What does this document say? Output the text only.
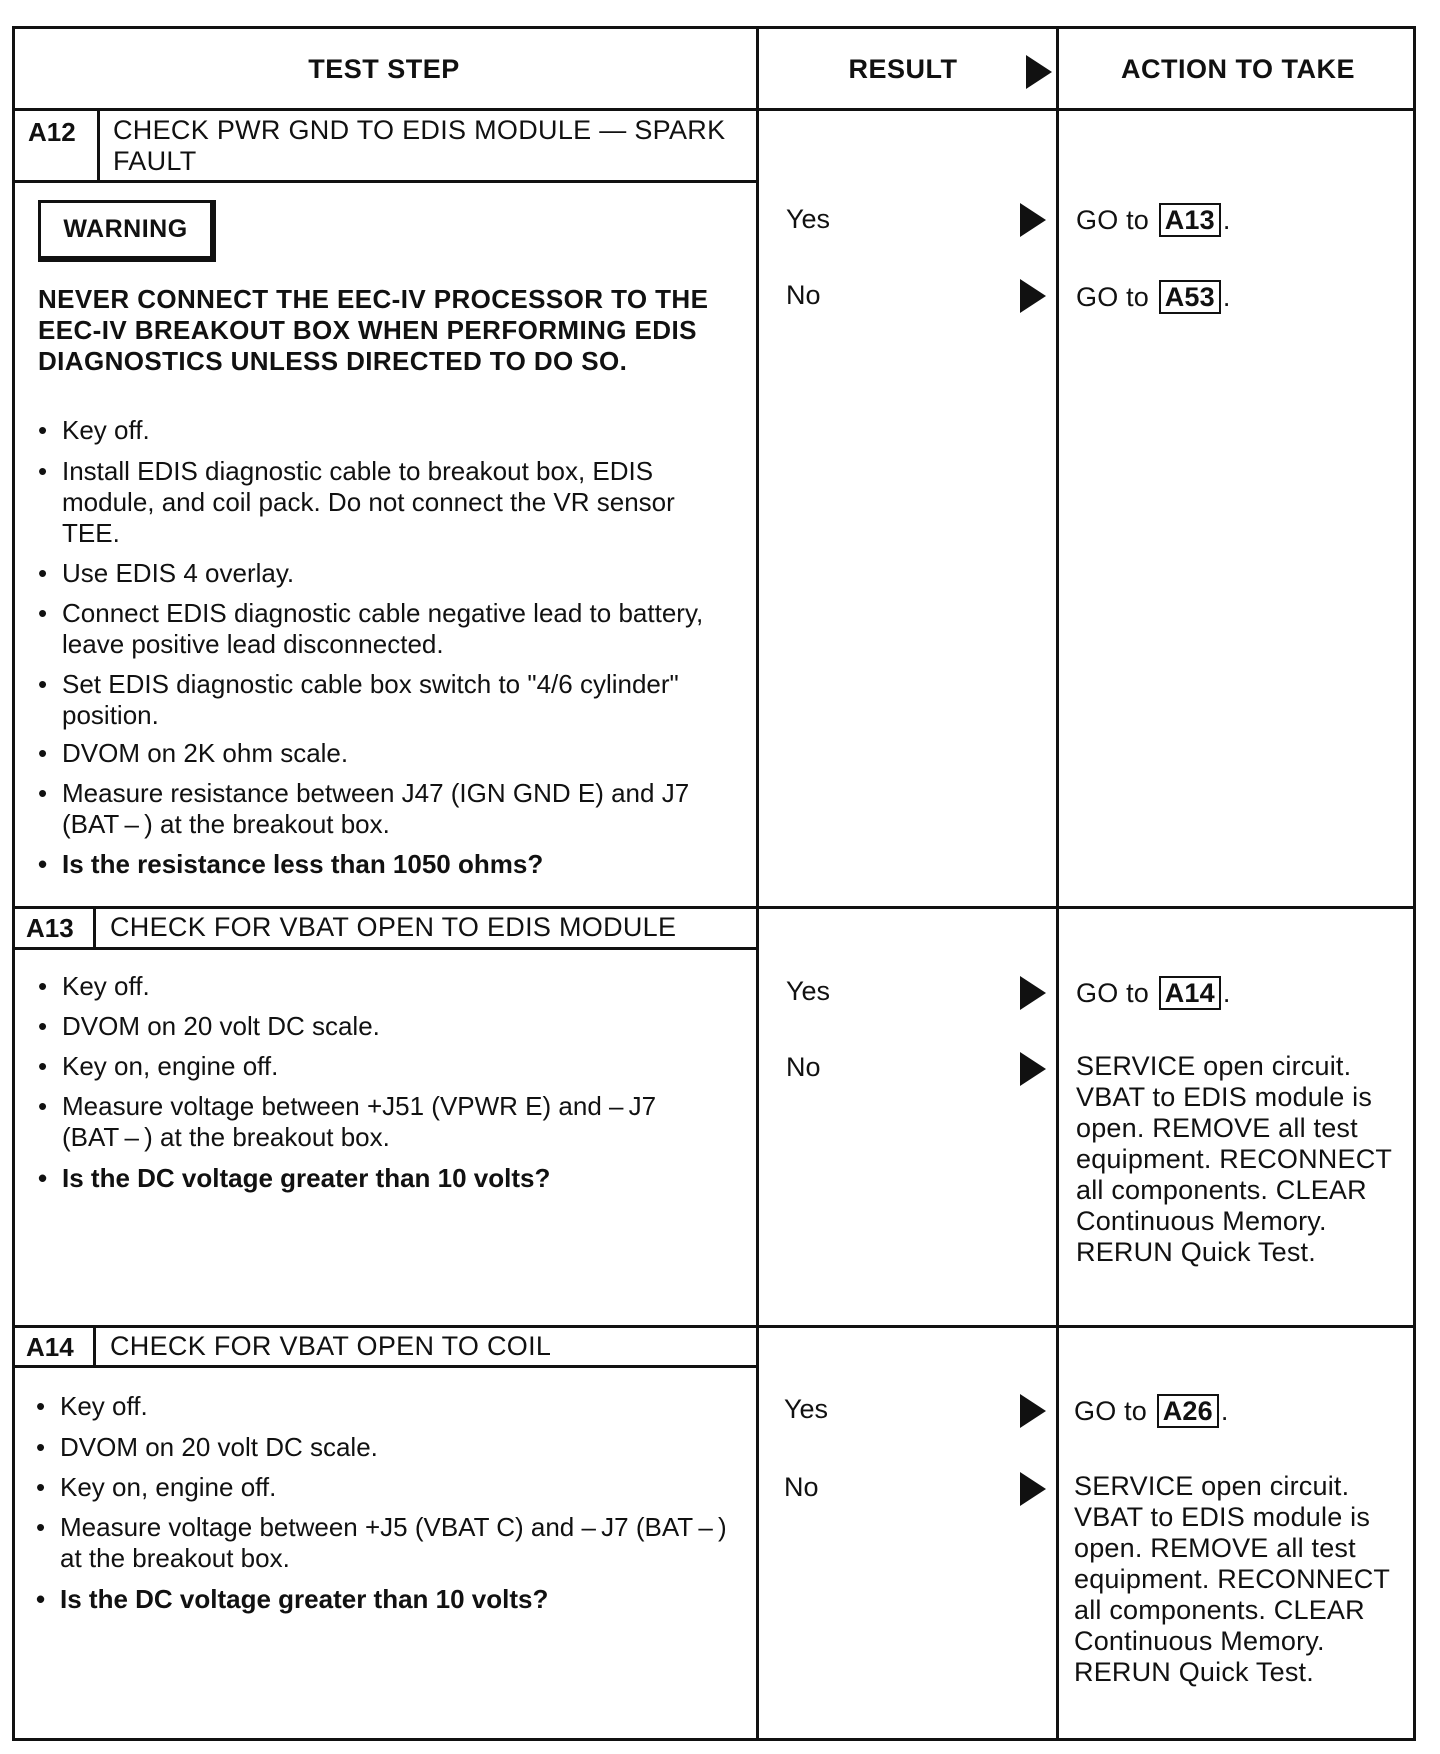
TEST STEP	RESULT	ACTION TO TAKE
A12 CHECK PWR GND TO EDIS MODULE — SPARK
FAULT
WARNING
NEVER CONNECT THE EEC-IV PROCESSOR TO THE EEC-IV BREAKOUT BOX WHEN PERFORMING EDIS DIAGNOSTICS UNLESS DIRECTED TO DO SO.
• Key off.
• Install EDIS diagnostic cable to breakout box, EDIS module, and coil pack. Do not connect the VR sensor TEE.
• Use EDIS 4 overlay.
• Connect EDIS diagnostic cable negative lead to battery, leave positive lead disconnected.
• Set EDIS diagnostic cable box switch to "4/6 cylinder" position.
• DVOM on 2K ohm scale.
• Measure resistance between J47 (IGN GND E) and J7 (BAT – ) at the breakout box.
• Is the resistance less than 1050 ohms?
Yes	GO to A13 .
No	GO to A53 .
A13 CHECK FOR VBAT OPEN TO EDIS MODULE
• Key off.
• DVOM on 20 volt DC scale.
• Key on, engine off.
• Measure voltage between +J51 (VPWR E) and – J7 (BAT – ) at the breakout box.
• Is the DC voltage greater than 10 volts?
Yes	GO to A14 .
No	SERVICE open circuit. VBAT to EDIS module is open. REMOVE all test equipment. RECONNECT all components. CLEAR Continuous Memory. RERUN Quick Test.
A14 CHECK FOR VBAT OPEN TO COIL
• Key off.
• DVOM on 20 volt DC scale.
• Key on, engine off.
• Measure voltage between +J5 (VBAT C) and – J7 (BAT – ) at the breakout box.
• Is the DC voltage greater than 10 volts?
Yes	GO to A26 .
No	SERVICE open circuit. VBAT to EDIS module is open. REMOVE all test equipment. RECONNECT all components. CLEAR Continuous Memory. RERUN Quick Test.
